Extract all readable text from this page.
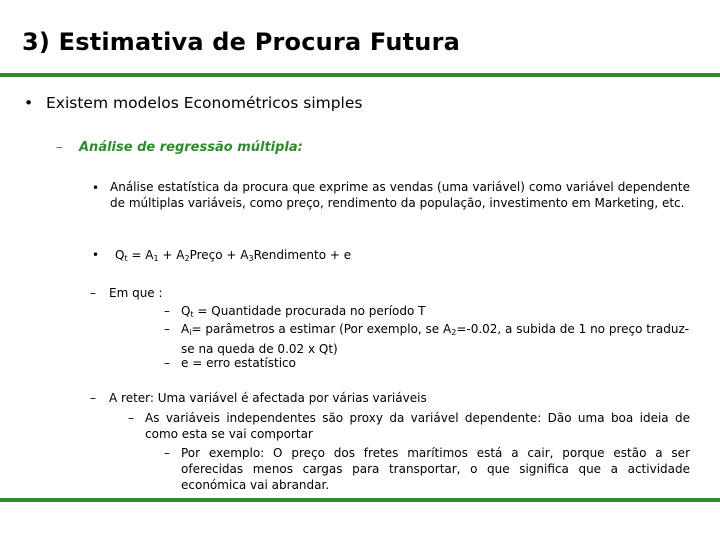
3) Estimativa de Procura Futura
• Existem modelos Econométricos simples
– Análise de regressão múltipla:
• Análise estatística da procura que exprime as vendas (uma variável) como variável dependente de múltiplas variáveis, como preço, rendimento da população, investimento em Marketing, etc.
• $Q_t = A_1$ + $A_2Preço$ + $A_3Rendimento + e$
– Em que :
– $Q_t$ = Quantidade procurada no período T
– $A_i=$ parâmetros a estimar (Por exemplo, se $A_2=-0.02$, a subida de 1 no preço traduz-se na queda de 0.02 x Qt)
– e = erro estatístico
– A reter: Uma variável é afectada por várias variáveis
– As variáveis independentes são proxy da variável dependente: Dão uma boa ideia de como esta se vai comportar
– Por exemplo: O preço dos fretes marítimos está a cair, porque estão a ser oferecidas menos cargas para transportar, o que significa que a actividade económica vai abrandar.
